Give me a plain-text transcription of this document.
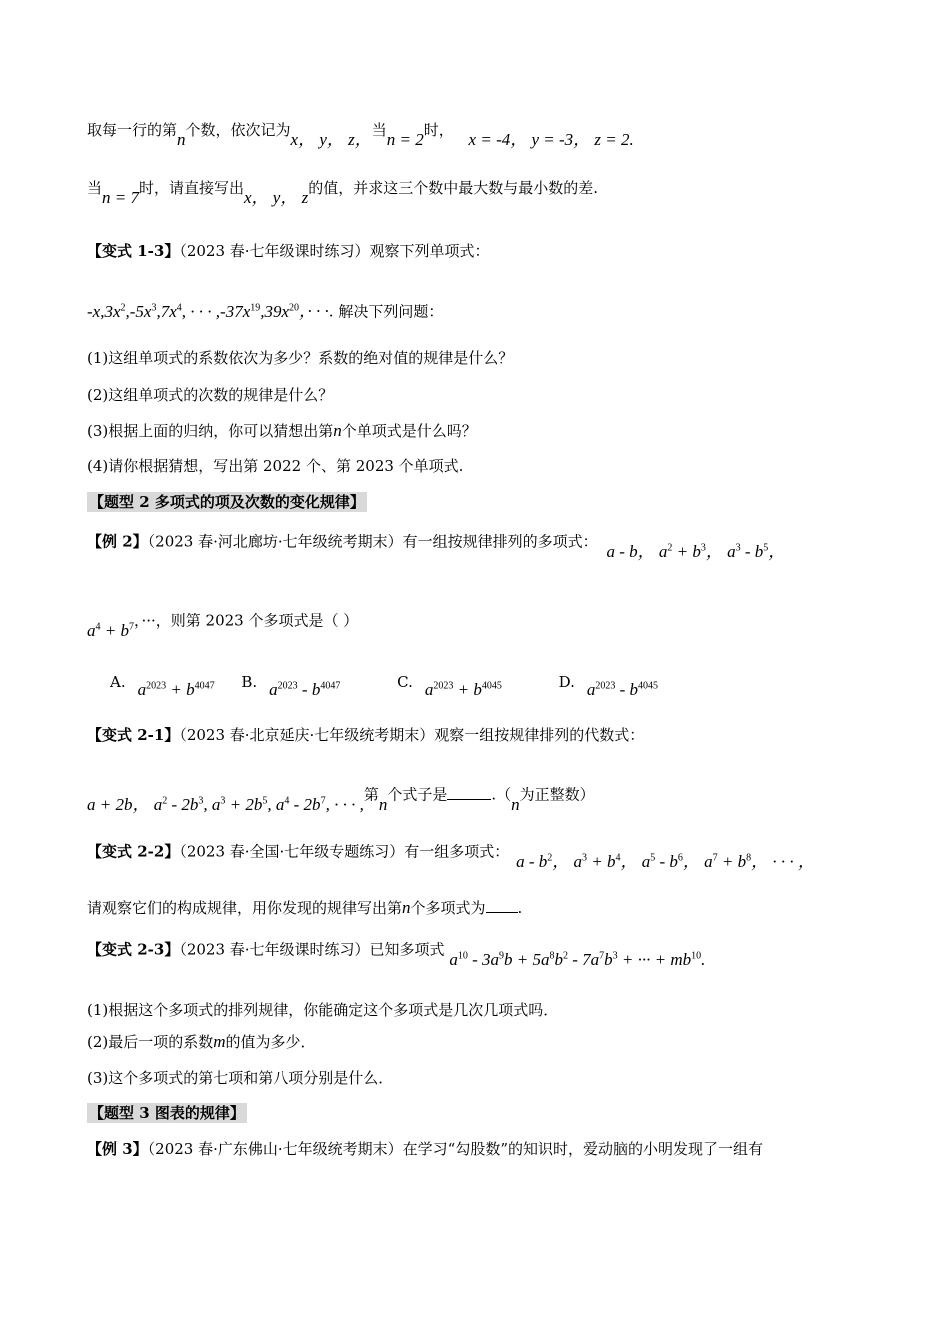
取每一行的第n个数，依次记为x， y， z，当n = 2时， x = -4， y = -3， z = 2.
当n = 7时，请直接写出x， y， z的值，并求这三个数中最大数与最小数的差.
【变式 1-3】（2023 春·七年级课时练习）观察下列单项式：
$-x,3x^2,-5x^3,7x^4$, · · · $,-37x^{19},39x^{20}$，· · ·. 解决下列问题：
(1)这组单项式的系数依次为多少？系数的绝对值的规律是什么？
(2)这组单项式的次数的规律是什么？
(3)根据上面的归纳，你可以猜想出第n个单项式是什么吗？
(4)请你根据猜想，写出第 2022 个、第 2023 个单项式.
【题型 2 多项式的项及次数的变化规律】
【例 2】（2023 春·河北廊坊·七年级统考期末）有一组按规律排列的多项式： a - b， $a^2 + b^3$， $a^3 - b^5$，
$a^4 + b^7$，···，则第 2023 个多项式是（ ）
A. $a^{2023} + b^{4047}$ B. $a^{2023} - b^{4047}$	C. $a^{2023} + b^{4045}$	D. $a^{2023} - b^{4045}$
【变式 2-1】（2023 春·北京延庆·七年级统考期末）观察一组按规律排列的代数式：
a + 2b， $a^2 - 2b^3$, $a^3 + 2b^5$, $a^4 - 2b^7$, · · · ,第n个式子是	.（n为正整数）
【变式 2-2】（2023 春·全国·七年级专题练习）有一组多项式： a - $b^2$， $a^3 + b^4$， $a^5 - b^6$， $a^7 + b^8$， · · · ，
请观察它们的构成规律，用你发现的规律写出第n个多项式为 .
【变式 2-3】（2023 春·七年级课时练习）已知多项式 $a^{10} - 3a^9b + 5a^8b^2 - 7a^7b^3$ + ··· + $mb^{10}$.
(1)根据这个多项式的排列规律，你能确定这个多项式是几次几项式吗．
(2)最后一项的系数m的值为多少．
(3)这个多项式的第七项和第八项分别是什么．
【题型 3 图表的规律】
【例 3】（2023 春·广东佛山·七年级统考期末）在学习“勾股数”的知识时，爱动脑的小明发现了一组有
